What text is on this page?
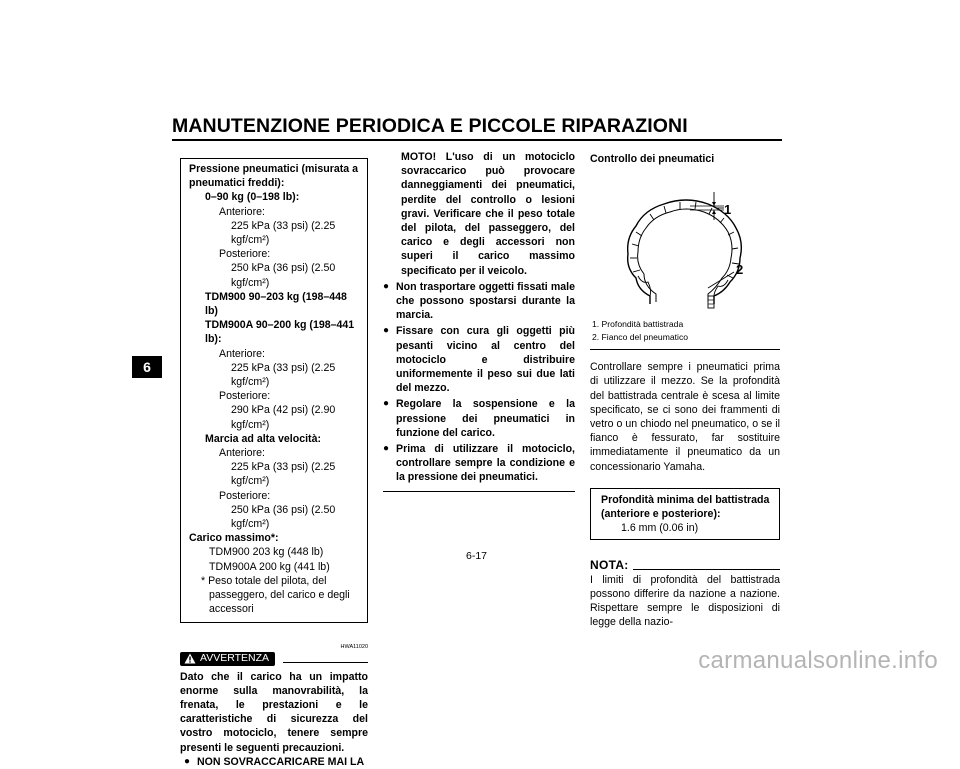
MANUTENZIONE PERIODICA E PICCOLE RIPARAZIONI
6
Pressione pneumatici (misurata a pneumatici freddi):
0–90 kg (0–198 lb):
Anteriore:
225 kPa (33 psi) (2.25 kgf/cm²)
Posteriore:
250 kPa (36 psi) (2.50 kgf/cm²)
TDM900 90–203 kg (198–448 lb)
TDM900A 90–200 kg (198–441 lb):
Anteriore:
225 kPa (33 psi) (2.25 kgf/cm²)
Posteriore:
290 kPa (42 psi) (2.90 kgf/cm²)
Marcia ad alta velocità:
Anteriore:
225 kPa (33 psi) (2.25 kgf/cm²)
Posteriore:
250 kPa (36 psi) (2.50 kgf/cm²)
Carico massimo*:
TDM900 203 kg (448 lb)
TDM900A 200 kg (441 lb)
* Peso totale del pilota, del passeggero, del carico e degli accessori
HWA11020
AVVERTENZA
Dato che il carico ha un impatto enorme sulla manovrabilità, la frenata, le prestazioni e le caratteristiche di sicurezza del vostro motociclo, tenere sempre presenti le seguenti precauzioni.
● NON SOVRACCARICARE MAI LA
MOTO! L'uso di un motociclo sovraccarico può provocare danneggiamenti dei pneumatici, perdite del controllo o lesioni gravi. Verificare che il peso totale del pilota, del passeggero, del carico e degli accessori non superi il carico massimo specificato per il veicolo.
● Non trasportare oggetti fissati male che possono spostarsi durante la marcia.
● Fissare con cura gli oggetti più pesanti vicino al centro del motociclo e distribuire uniformemente il peso sui due lati del mezzo.
● Regolare la sospensione e la pressione dei pneumatici in funzione del carico.
● Prima di utilizzare il motociclo, controllare sempre la condizione e la pressione dei pneumatici.
Controllo dei pneumatici
1
2
1. Profondità battistrada
2. Fianco del pneumatico
Controllare sempre i pneumatici prima di utilizzare il mezzo. Se la profondità del battistrada centrale è scesa al limite specificato, se ci sono dei frammenti di vetro o un chiodo nel pneumatico, o se il fianco è fessurato, far sostituire immediatamente il pneumatico da un concessionario Yamaha.
Profondità minima del battistrada (anteriore e posteriore):
1.6 mm (0.06 in)
NOTA:
I limiti di profondità del battistrada possono differire da nazione a nazione. Rispettare sempre le disposizioni di legge della nazio-
6-17
carmanualsonline.info
